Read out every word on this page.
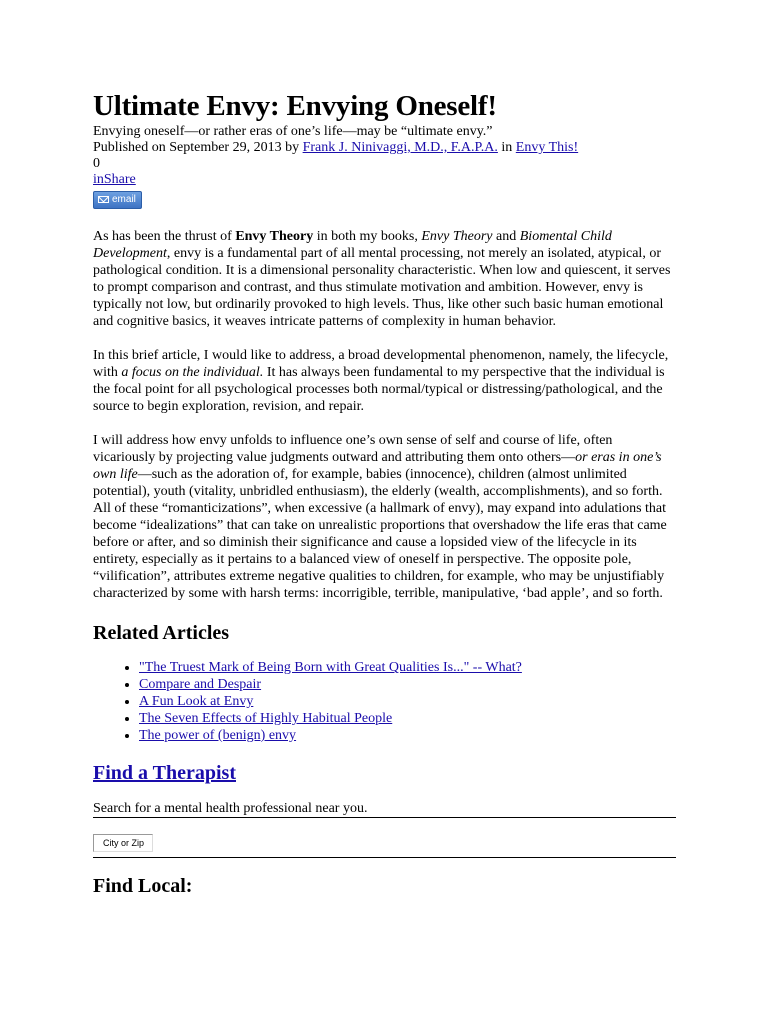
Ultimate Envy: Envying Oneself!
Envying oneself—or rather eras of one’s life—may be “ultimate envy.”
Published on September 29, 2013 by Frank J. Ninivaggi, M.D., F.A.P.A. in Envy This!
0
inShare
email

As has been the thrust of Envy Theory in both my books, Envy Theory and Biomental Child Development, envy is a fundamental part of all mental processing, not merely an isolated, atypical, or pathological condition. It is a dimensional personality characteristic. When low and quiescent, it serves to prompt comparison and contrast, and thus stimulate motivation and ambition. However, envy is typically not low, but ordinarily provoked to high levels. Thus, like other such basic human emotional and cognitive basics, it weaves intricate patterns of complexity in human behavior.

In this brief article, I would like to address, a broad developmental phenomenon, namely, the lifecycle, with a focus on the individual. It has always been fundamental to my perspective that the individual is the focal point for all psychological processes both normal/typical or distressing/pathological, and the source to begin exploration, revision, and repair.

I will address how envy unfolds to influence one’s own sense of self and course of life, often vicariously by projecting value judgments outward and attributing them onto others—or eras in one’s own life—such as the adoration of, for example, babies (innocence), children (almost unlimited potential), youth (vitality, unbridled enthusiasm), the elderly (wealth, accomplishments), and so forth. All of these “romanticizations”, when excessive (a hallmark of envy), may expand into adulations that become “idealizations” that can take on unrealistic proportions that overshadow the life eras that came before or after, and so diminish their significance and cause a lopsided view of the lifecycle in its entirety, especially as it pertains to a balanced view of oneself in perspective. The opposite pole, “vilification”, attributes extreme negative qualities to children, for example, who may be unjustifiably characterized by some with harsh terms: incorrigible, terrible, manipulative, ‘bad apple’, and so forth.

Related Articles
• "The Truest Mark of Being Born with Great Qualities Is..." -- What?
• Compare and Despair
• A Fun Look at Envy
• The Seven Effects of Highly Habitual People
• The power of (benign) envy
Find a Therapist
Search for a mental health professional near you.
City or Zip
Find Local:
